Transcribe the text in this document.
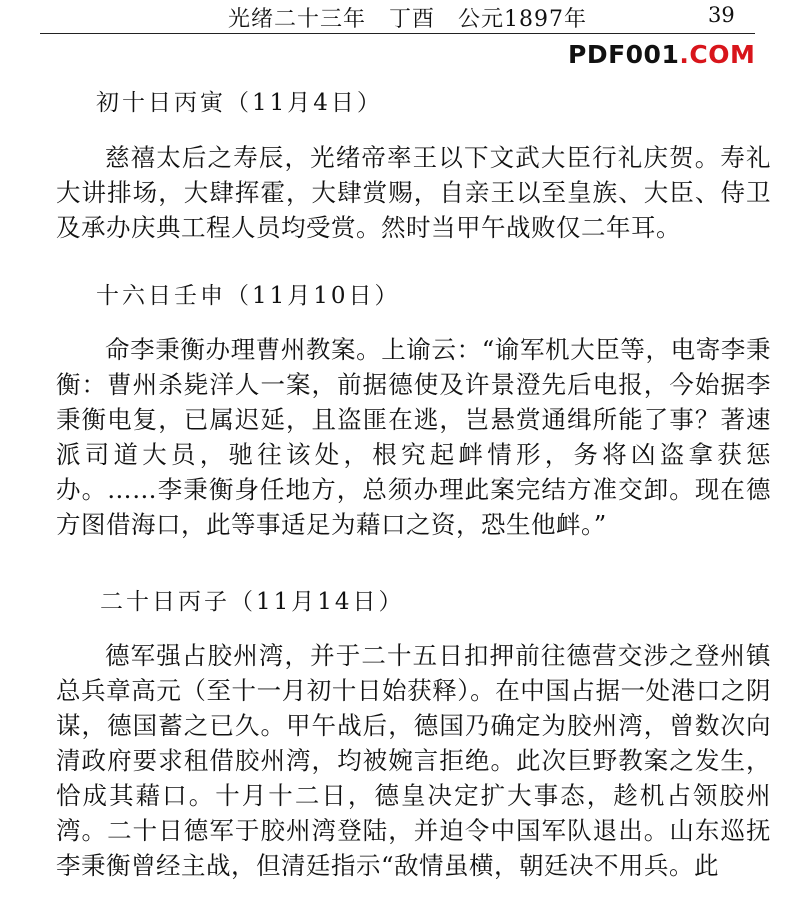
光绪二十三年　丁酉　公元1897年	39
PDF001.COM
初十日丙寅（11月4日）

慈禧太后之寿辰，光绪帝率王以下文武大臣行礼庆贺。寿礼大讲排场，大肆挥霍，大肆赏赐，自亲王以至皇族、大臣、侍卫及承办庆典工程人员均受赏。然时当甲午战败仅二年耳。

十六日壬申（11月10日）

命李秉衡办理曹州教案。上谕云：“谕军机大臣等，电寄李秉衡：曹州杀毙洋人一案，前据德使及许景澄先后电报，今始据李秉衡电复，已属迟延，且盗匪在逃，岂悬赏通缉所能了事？著速派司道大员，驰往该处，根究起衅情形，务将凶盗拿获惩办。……李秉衡身任地方，总须办理此案完结方准交卸。现在德方图借海口，此等事适足为藉口之资，恐生他衅。”

二十日丙子（11月14日）

德军强占胶州湾，并于二十五日扣押前往德营交涉之登州镇总兵章高元（至十一月初十日始获释）。在中国占据一处港口之阴谋，德国蓄之已久。甲午战后，德国乃确定为胶州湾，曾数次向清政府要求租借胶州湾，均被婉言拒绝。此次巨野教案之发生，恰成其藉口。十月十二日，德皇决定扩大事态，趁机占领胶州湾。二十日德军于胶州湾登陆，并迫令中国军队退出。山东巡抚李秉衡曾经主战，但清廷指示“敌情虽横，朝廷决不用兵。此
